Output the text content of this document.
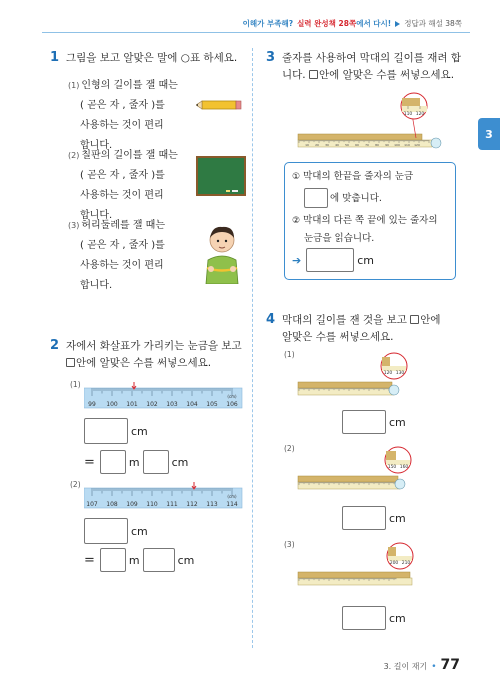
이해가 부족해? 실력 완성책 28쪽 에서 다시! 정답과 해설 38쪽
3
1 그림을 보고 알맞은 말에 ○표 하세요.
(1) 인형의 길이를 잴 때는
( 곧은 자 , 줄자 )를
사용하는 것이 편리
합니다.
(2) 칠판의 길이를 잴 때는
( 곧은 자 , 줄자 )를
사용하는 것이 편리
합니다.
(3) 허리둘레를 잴 때는
( 곧은 자 , 줄자 )를
사용하는 것이 편리
합니다.
2 자에서 화살표가 가리키는 눈금을 보고
안에 알맞은 수를 써넣으세요.
(1)
99 100 101 102 103 104 105 106
(cm)
cm
=	m	cm
(2)
107 108 109 110 111 112 113 114
(cm)
cm
=	m	cm
3 줄자를 사용하여 막대의 길이를 재려 합
니다. 안에 알맞은 수를 써넣으세요.
10 20 30 40 50 60 70 80 90 100 110 120
110 120
① 막대의 한끝을 줄자의 눈금
에 맞춥니다.
② 막대의 다른 쪽 끝에 있는 줄자의
눈금을 읽습니다.
➔	cm
4 막대의 길이를 잰 것을 보고 안에
알맞은 수를 써넣으세요.
(1)
120 130
cm
(2)
150 160
cm
(3)
200 210
cm
3. 길이 재기 • 77
